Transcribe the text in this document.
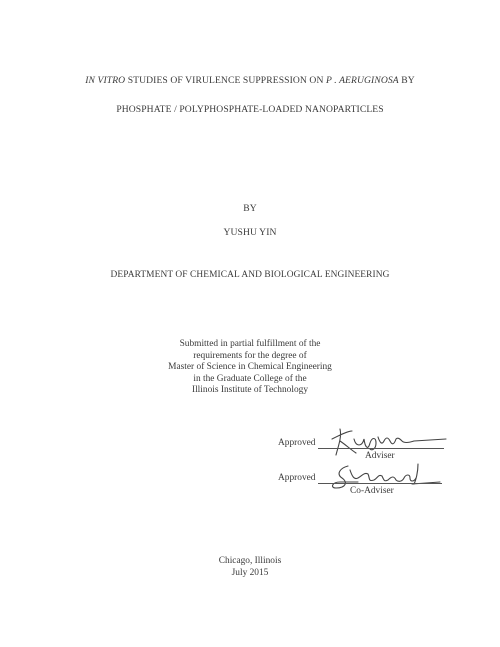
IN VITRO STUDIES OF VIRULENCE SUPPRESSION ON P . AERUGINOSA BY
PHOSPHATE / POLYPHOSPHATE-LOADED NANOPARTICLES
BY
YUSHU YIN
DEPARTMENT OF CHEMICAL AND BIOLOGICAL ENGINEERING
Submitted in partial fulfillment of the
requirements for the degree of
Master of Science in Chemical Engineering
in the Graduate College of the
Illinois Institute of Technology
Approved
Adviser
Approved
Co-Adviser
Chicago, Illinois
July 2015
